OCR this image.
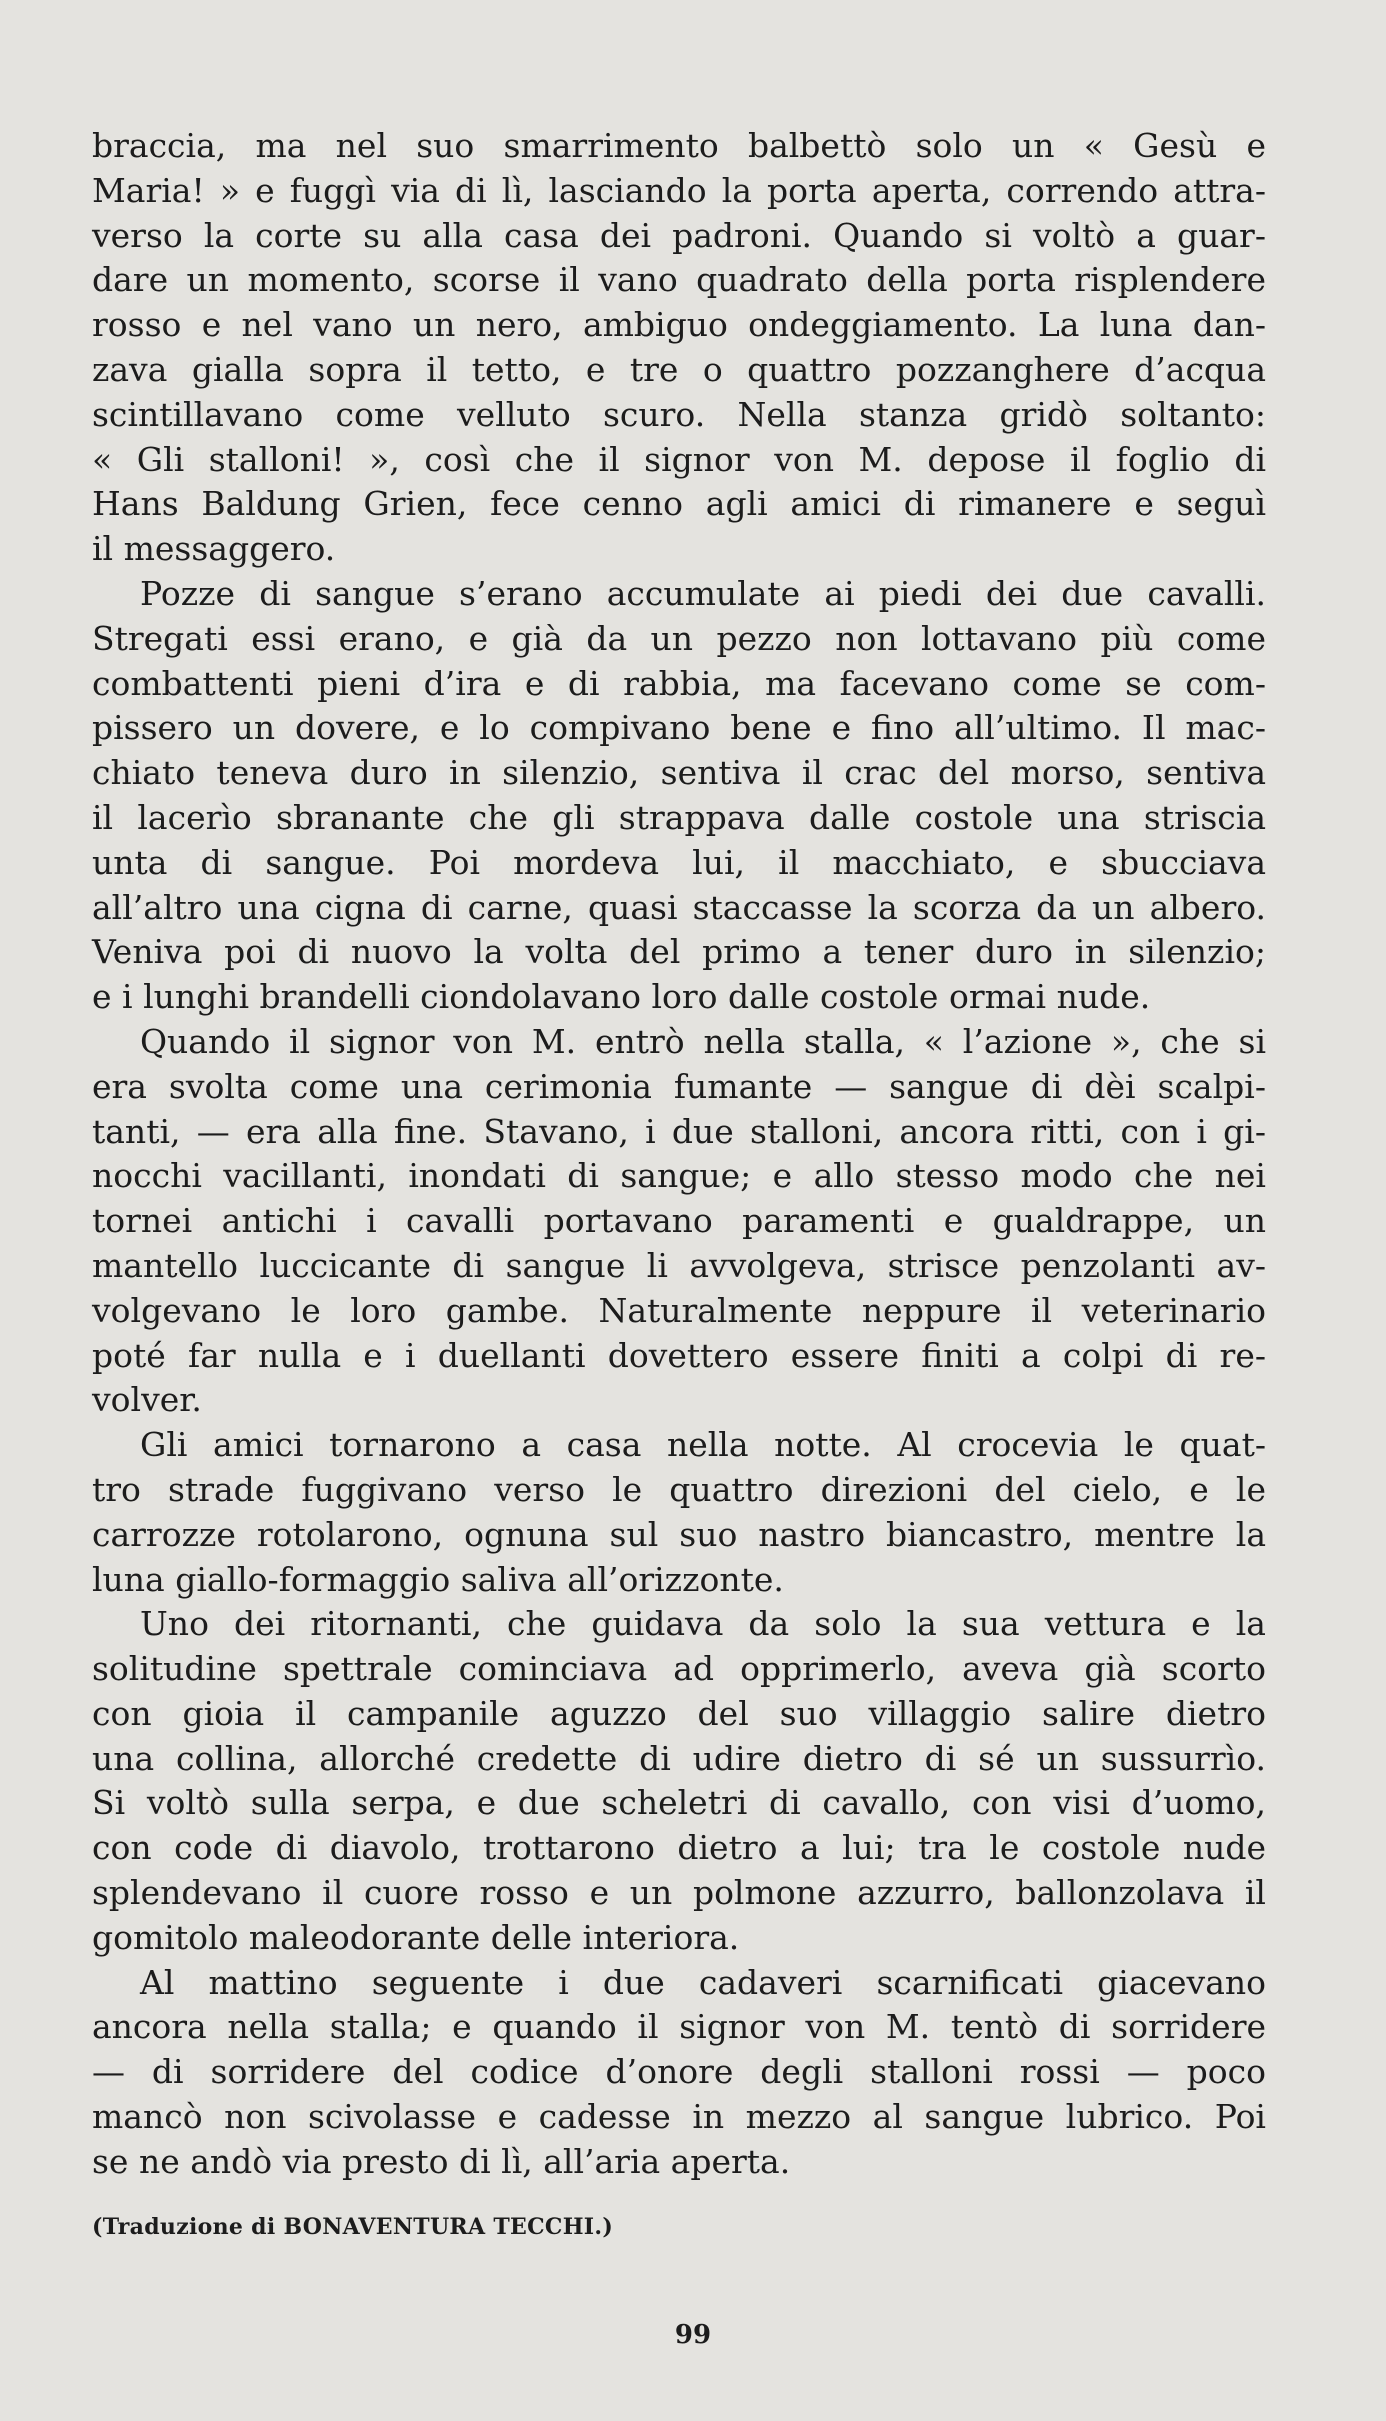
braccia, ma nel suo smarrimento balbettò solo un « Gesù e
Maria! » e fuggì via di lì, lasciando la porta aperta, correndo attra-
verso la corte su alla casa dei padroni. Quando si voltò a guar-
dare un momento, scorse il vano quadrato della porta risplendere
rosso e nel vano un nero, ambiguo ondeggiamento. La luna dan-
zava gialla sopra il tetto, e tre o quattro pozzanghere d’acqua
scintillavano come velluto scuro. Nella stanza gridò soltanto:
« Gli stalloni! », così che il signor von M. depose il foglio di
Hans Baldung Grien, fece cenno agli amici di rimanere e seguì
il messaggero.
Pozze di sangue s’erano accumulate ai piedi dei due cavalli.
Stregati essi erano, e già da un pezzo non lottavano più come
combattenti pieni d’ira e di rabbia, ma facevano come se com-
pissero un dovere, e lo compivano bene e fino all’ultimo. Il mac-
chiato teneva duro in silenzio, sentiva il crac del morso, sentiva
il lacerìo sbranante che gli strappava dalle costole una striscia
unta di sangue. Poi mordeva lui, il macchiato, e sbucciava
all’altro una cigna di carne, quasi staccasse la scorza da un albero.
Veniva poi di nuovo la volta del primo a tener duro in silenzio;
e i lunghi brandelli ciondolavano loro dalle costole ormai nude.
Quando il signor von M. entrò nella stalla, « l’azione », che si
era svolta come una cerimonia fumante — sangue di dèi scalpi-
tanti, — era alla fine. Stavano, i due stalloni, ancora ritti, con i gi-
nocchi vacillanti, inondati di sangue; e allo stesso modo che nei
tornei antichi i cavalli portavano paramenti e gualdrappe, un
mantello luccicante di sangue li avvolgeva, strisce penzolanti av-
volgevano le loro gambe. Naturalmente neppure il veterinario
poté far nulla e i duellanti dovettero essere finiti a colpi di re-
volver.
Gli amici tornarono a casa nella notte. Al crocevia le quat-
tro strade fuggivano verso le quattro direzioni del cielo, e le
carrozze rotolarono, ognuna sul suo nastro biancastro, mentre la
luna giallo-formaggio saliva all’orizzonte.
Uno dei ritornanti, che guidava da solo la sua vettura e la
solitudine spettrale cominciava ad opprimerlo, aveva già scorto
con gioia il campanile aguzzo del suo villaggio salire dietro
una collina, allorché credette di udire dietro di sé un sussurrìo.
Si voltò sulla serpa, e due scheletri di cavallo, con visi d’uomo,
con code di diavolo, trottarono dietro a lui; tra le costole nude
splendevano il cuore rosso e un polmone azzurro, ballonzolava il
gomitolo maleodorante delle interiora.
Al mattino seguente i due cadaveri scarnificati giacevano
ancora nella stalla; e quando il signor von M. tentò di sorridere
— di sorridere del codice d’onore degli stalloni rossi — poco
mancò non scivolasse e cadesse in mezzo al sangue lubrico. Poi
se ne andò via presto di lì, all’aria aperta.
(Traduzione di BONAVENTURA TECCHI.)
99
